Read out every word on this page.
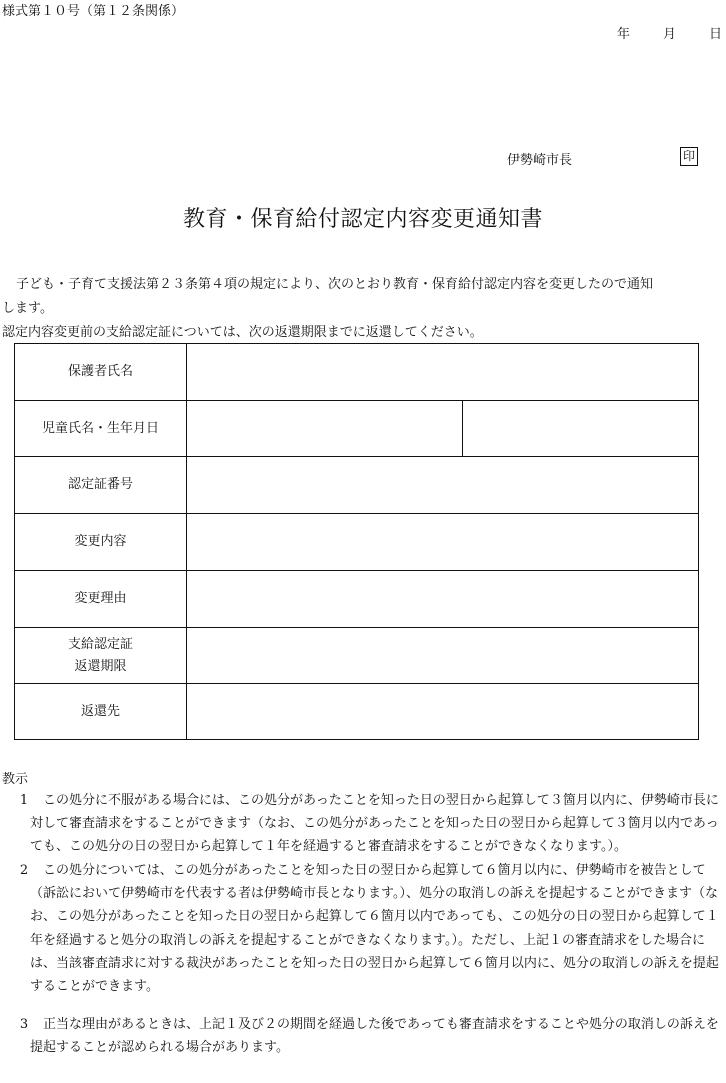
様式第１０号（第１２条関係）
年	月	日
伊勢崎市長	印
教育・保育給付認定内容変更通知書
子ども・子育て支援法第２３条第４項の規定により、次のとおり教育・保育給付認定内容を変更したので通知
します。
認定内容変更前の支給認定証については、次の返還期限までに返還してください。
保護者氏名		
児童氏名・生年月日		
認定証番号		
変更内容		
変更理由		

支給認定証
返還期限		

返還先		
教示
1	この処分に不服がある場合には、この処分があったことを知った日の翌日から起算して３箇月以内に、伊勢崎市長に対して審査請求をすることができます（なお、この処分があったことを知った日の翌日から起算して３箇月以内であっても、この処分の日の翌日から起算して１年を経過すると審査請求をすることができなくなります。）。
2	この処分については、この処分があったことを知った日の翌日から起算して６箇月以内に、伊勢崎市を被告として（訴訟において伊勢崎市を代表する者は伊勢崎市長となります。）、処分の取消しの訴えを提起することができます（なお、この処分があったことを知った日の翌日から起算して６箇月以内であっても、この処分の日の翌日から起算して１年を経過すると処分の取消しの訴えを提起することができなくなります。）。ただし、上記１の審査請求をした場合には、当該審査請求に対する裁決があったことを知った日の翌日から起算して６箇月以内に、処分の取消しの訴えを提起することができます。
3	正当な理由があるときは、上記１及び２の期間を経過した後であっても審査請求をすることや処分の取消しの訴えを提起することが認められる場合があります。
